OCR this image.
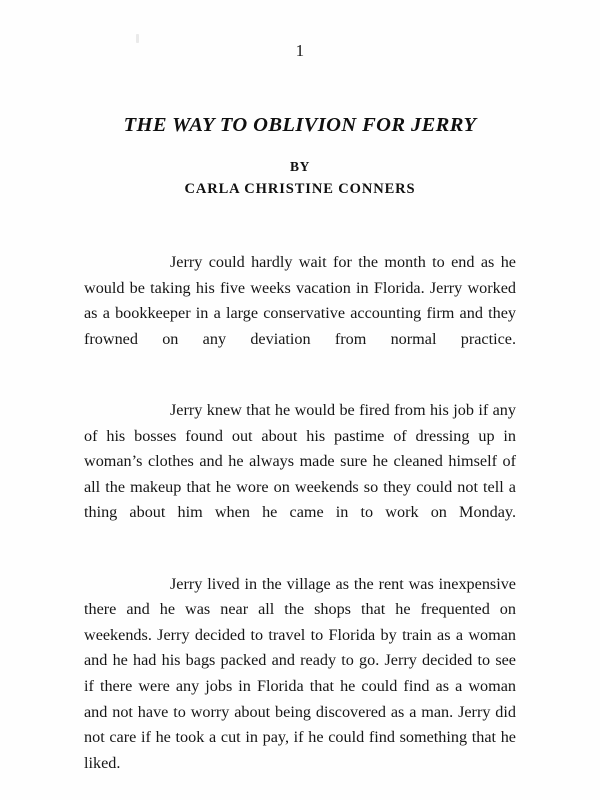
1
THE WAY TO OBLIVION FOR JERRY
BY
CARLA CHRISTINE CONNERS

Jerry could hardly wait for the month to end as he would be taking his five weeks vacation in Florida. Jerry worked as a bookkeeper in a large conservative accounting firm and they frowned on any deviation from normal practice.

Jerry knew that he would be fired from his job if any of his bosses found out about his pastime of dressing up in woman’s clothes and he always made sure he cleaned himself of all the makeup that he wore on weekends so they could not tell a thing about him when he came in to work on Monday.

Jerry lived in the village as the rent was inexpensive there and he was near all the shops that he frequented on weekends. Jerry decided to travel to Florida by train as a woman and he had his bags packed and ready to go. Jerry decided to see if there were any jobs in Florida that he could find as a woman and not have to worry about being discovered as a man. Jerry did not care if he took a cut in pay, if he could find something that he liked.
